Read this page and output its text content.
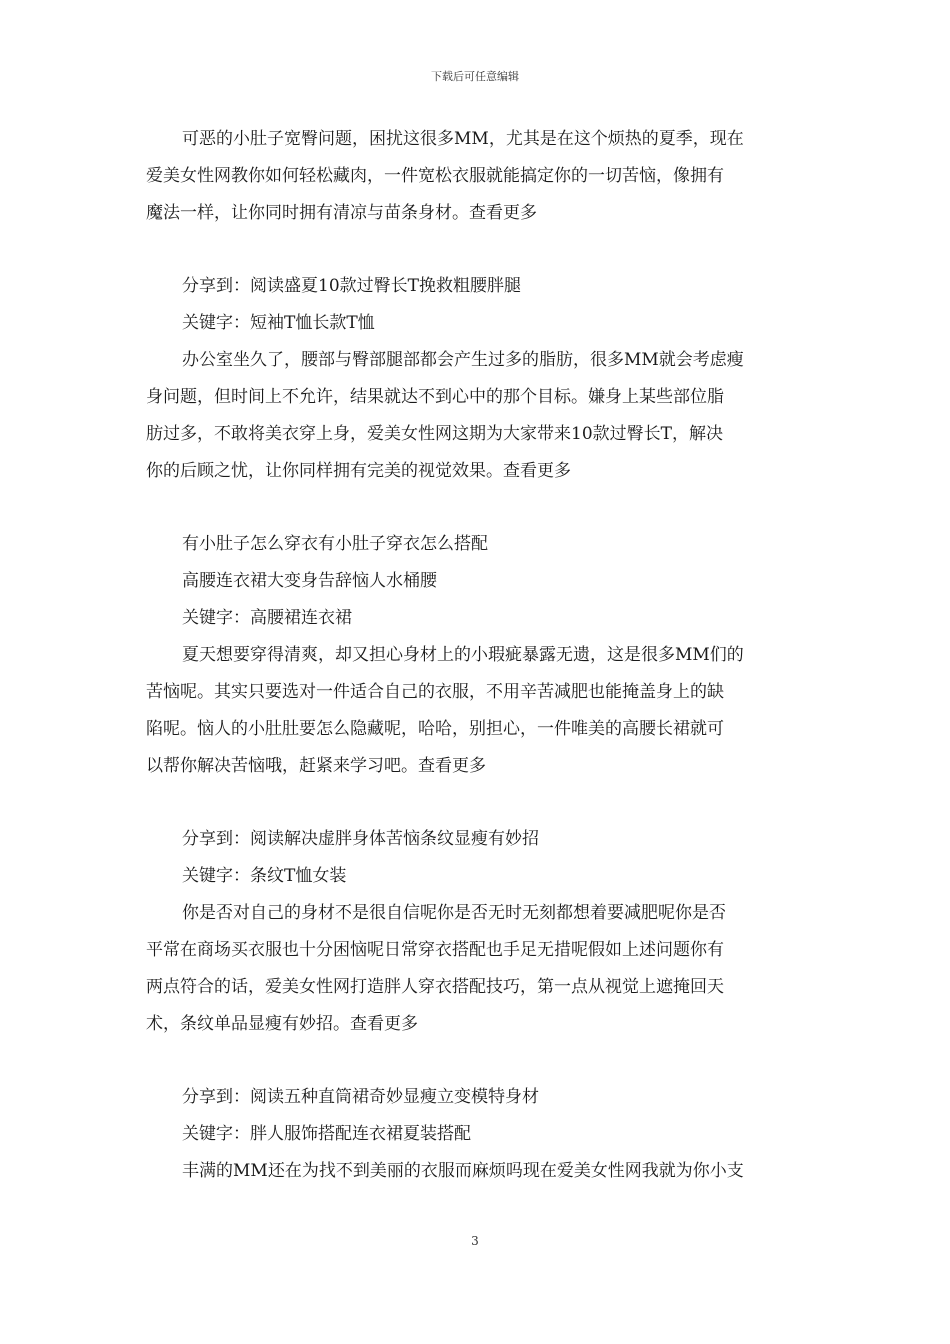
下载后可任意编辑
可恶的小肚子宽臀问题，困扰这很多MM，尤其是在这个烦热的夏季，现在
爱美女性网教你如何轻松藏肉，一件宽松衣服就能搞定你的一切苦恼，像拥有
魔法一样，让你同时拥有清凉与苗条身材。查看更多
分享到：阅读盛夏10款过臀长T挽救粗腰胖腿
关键字：短袖T恤长款T恤
办公室坐久了，腰部与臀部腿部都会产生过多的脂肪，很多MM就会考虑瘦
身问题，但时间上不允许，结果就达不到心中的那个目标。嫌身上某些部位脂
肪过多，不敢将美衣穿上身，爱美女性网这期为大家带来10款过臀长T，解决
你的后顾之忧，让你同样拥有完美的视觉效果。查看更多
有小肚子怎么穿衣有小肚子穿衣怎么搭配
高腰连衣裙大变身告辞恼人水桶腰
关键字：高腰裙连衣裙
夏天想要穿得清爽，却又担心身材上的小瑕疵暴露无遗，这是很多MM们的
苦恼呢。其实只要选对一件适合自己的衣服，不用辛苦减肥也能掩盖身上的缺
陷呢。恼人的小肚肚要怎么隐藏呢，哈哈，别担心，一件唯美的高腰长裙就可
以帮你解决苦恼哦，赶紧来学习吧。查看更多
分享到：阅读解决虚胖身体苦恼条纹显瘦有妙招
关键字：条纹T恤女装
你是否对自己的身材不是很自信呢你是否无时无刻都想着要减肥呢你是否
平常在商场买衣服也十分困恼呢日常穿衣搭配也手足无措呢假如上述问题你有
两点符合的话，爱美女性网打造胖人穿衣搭配技巧，第一点从视觉上遮掩回天
术，条纹单品显瘦有妙招。查看更多
分享到：阅读五种直筒裙奇妙显瘦立变模特身材
关键字：胖人服饰搭配连衣裙夏装搭配
丰满的MM还在为找不到美丽的衣服而麻烦吗现在爱美女性网我就为你小支
3
